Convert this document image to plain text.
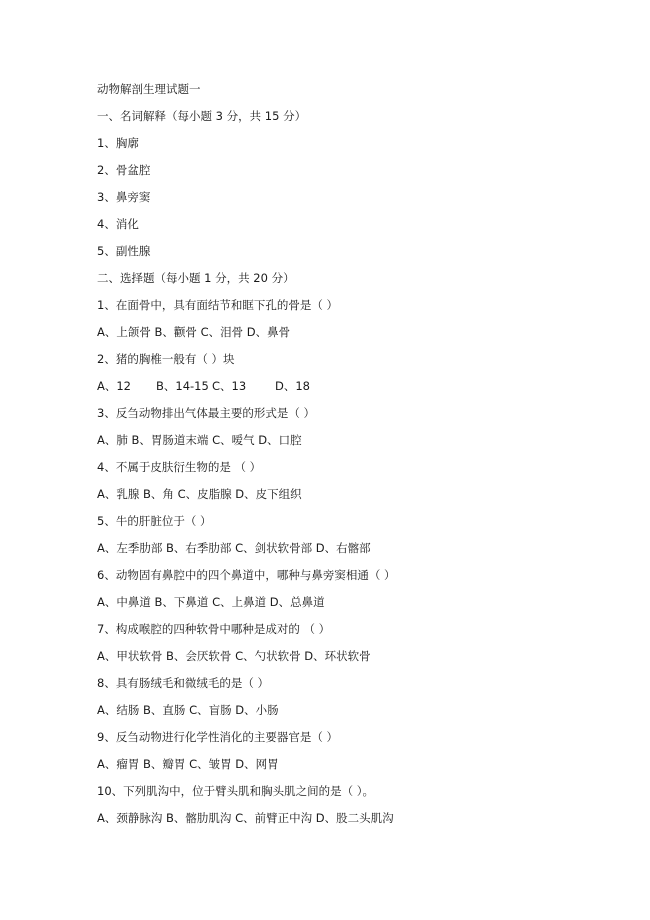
动物解剖生理试题一
一、名词解释（每小题 3 分，共 15 分）
1、胸廓
2、骨盆腔
3、鼻旁窦
4、消化
5、副性腺
二、选择题（每小题 1 分，共 20 分）
1、在面骨中，具有面结节和眶下孔的骨是（ ）
A、上颌骨 B、颧骨 C、泪骨 D、鼻骨
2、猪的胸椎一般有（ ）块
A、12 B、14-15 C、13	D、18
3、反刍动物排出气体最主要的形式是（ ）
A、肺 B、胃肠道末端 C、嗳气 D、口腔
4、不属于皮肤衍生物的是 （ ）
A、乳腺 B、角 C、皮脂腺 D、皮下组织
5、牛的肝脏位于（ ）
A、左季肋部 B、右季肋部 C、剑状软骨部 D、右髂部
6、动物固有鼻腔中的四个鼻道中，哪种与鼻旁窦相通（ ）
A、中鼻道 B、下鼻道 C、上鼻道 D、总鼻道
7、构成喉腔的四种软骨中哪种是成对的 （ ）
A、甲状软骨 B、会厌软骨 C、勺状软骨 D、环状软骨
8、具有肠绒毛和微绒毛的是（ ）
A、结肠 B、直肠 C、盲肠 D、小肠
9、反刍动物进行化学性消化的主要器官是（ ）
A、瘤胃 B、瓣胃 C、皱胃 D、网胃
10、下列肌沟中，位于臂头肌和胸头肌之间的是（ ）。
A、颈静脉沟 B、髂肋肌沟 C、前臂正中沟 D、股二头肌沟
